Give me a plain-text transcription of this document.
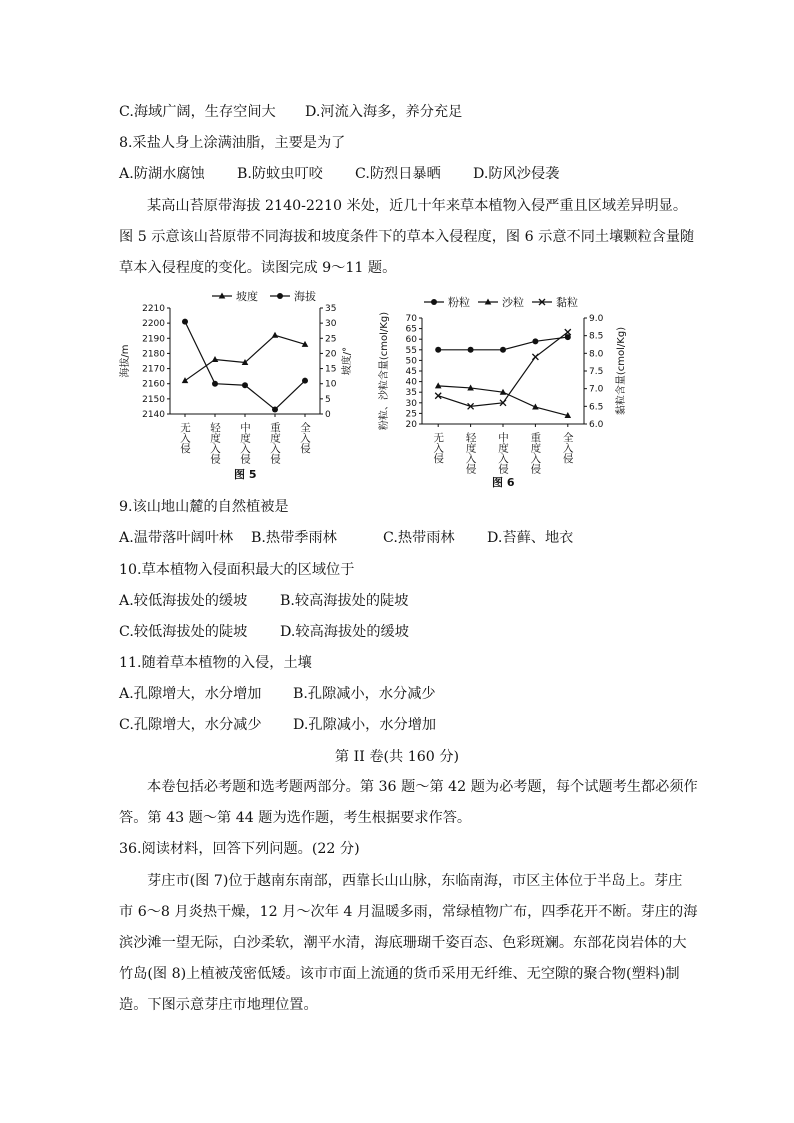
C.海域广阔，生存空间大 D.河流入海多，养分充足
8.采盐人身上涂满油脂，主要是为了
A.防湖水腐蚀 B.防蚊虫叮咬 C.防烈日暴晒 D.防风沙侵袭
某高山苔原带海拔 2140-2210 米处，近几十年来草本植物入侵严重且区域差异明显。
图 5 示意该山苔原带不同海拔和坡度条件下的草本入侵程度，图 6 示意不同土壤颗粒含量随
草本入侵程度的变化。读图完成 9～11 题。
2140
2150
2160
2170
2180
2190
2200
2210
0
5
10
15
20
25
30
35
无入侵 轻度入侵 中度入侵 重度入侵 全入侵
海拔/m	坡度/°
坡度	海拔
图 5
20
25
30
35
40
45
50
55
60
65
70
6.0
6.5
7.0
7.5
8.0
8.5
9.0
无入侵 轻度入侵 中度入侵 重度入侵 全入侵
粉粒、沙粒含量(cmol/Kg)	黏粒含量(cmol/Kg)
粉粒	沙粒	黏粒
图 6
9.该山地山麓的自然植被是
A.温带落叶阔叶林 B.热带季雨林	C.热带雨林 D.苔藓、地衣
10.草本植物入侵面积最大的区域位于
A.较低海拔处的缓坡 B.较高海拔处的陡坡
C.较低海拔处的陡坡 D.较高海拔处的缓坡
11.随着草本植物的入侵，土壤
A.孔隙增大，水分增加 B.孔隙减小，水分减少
C.孔隙增大，水分减少 D.孔隙减小，水分增加
第 II 卷(共 160 分)
本卷包括必考题和选考题两部分。第 36 题～第 42 题为必考题，每个试题考生都必须作
答。第 43 题～第 44 题为选作题，考生根据要求作答。
36.阅读材料，回答下列问题。(22 分)
芽庄市(图 7)位于越南东南部，西靠长山山脉，东临南海，市区主体位于半岛上。芽庄
市 6～8 月炎热干燥，12 月～次年 4 月温暖多雨，常绿植物广布，四季花开不断。芽庄的海
滨沙滩一望无际，白沙柔软，潮平水清，海底珊瑚千姿百态、色彩斑斓。东部花岗岩体的大
竹岛(图 8)上植被茂密低矮。该市市面上流通的货币采用无纤维、无空隙的聚合物(塑料)制
造。下图示意芽庄市地理位置。
